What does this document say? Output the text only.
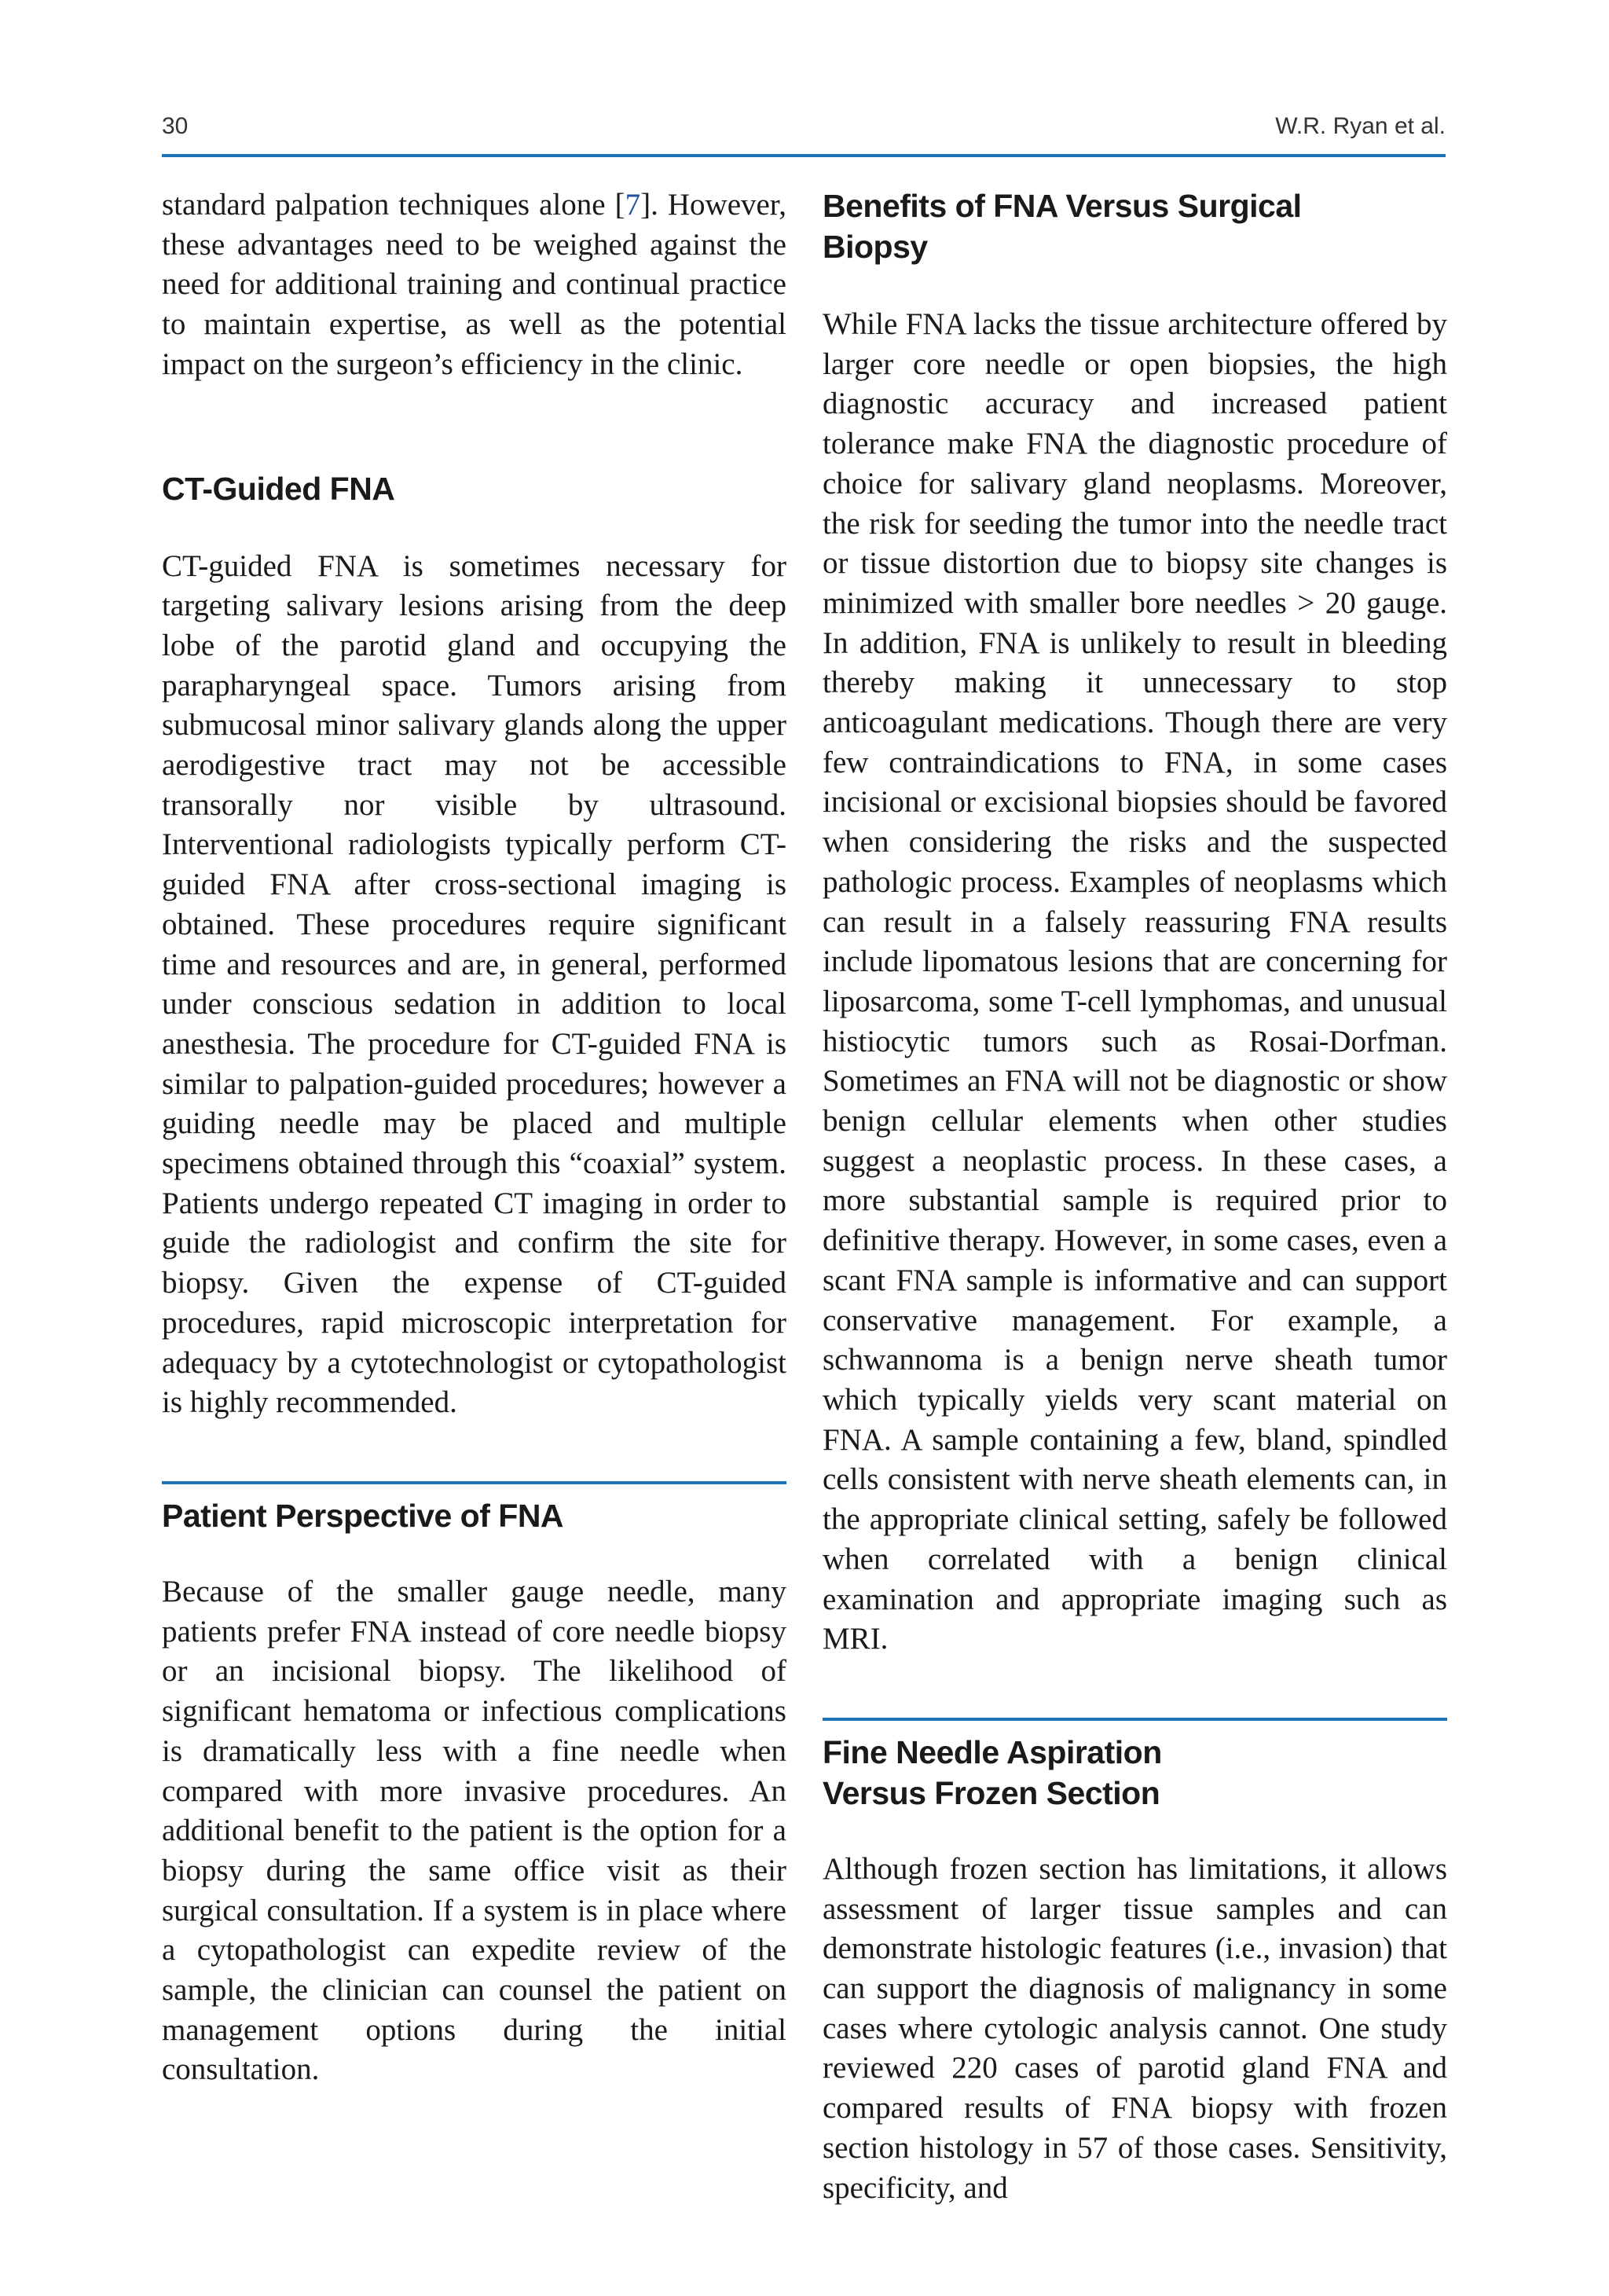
30	W.R. Ryan et al.

standard palpation techniques alone [7]. However, these advantages need to be weighed against the need for additional training and continual practice to maintain expertise, as well as the potential impact on the surgeon’s efficiency in the clinic.

CT-Guided FNA

CT-guided FNA is sometimes necessary for targeting salivary lesions arising from the deep lobe of the parotid gland and occupying the parapharyngeal space. Tumors arising from submucosal minor salivary glands along the upper aerodigestive tract may not be accessible transorally nor visible by ultrasound. Interventional radiologists typically perform CT-guided FNA after cross-sectional imaging is obtained. These procedures require significant time and resources and are, in general, performed under conscious sedation in addition to local anesthesia. The procedure for CT-guided FNA is similar to palpation-guided procedures; however a guiding needle may be placed and multiple specimens obtained through this “coaxial” system. Patients undergo repeated CT imaging in order to guide the radiologist and confirm the site for biopsy. Given the expense of CT-guided procedures, rapid microscopic interpretation for adequacy by a cytotechnologist or cytopathologist is highly recommended.

Patient Perspective of FNA

Because of the smaller gauge needle, many patients prefer FNA instead of core needle biopsy or an incisional biopsy. The likelihood of significant hematoma or infectious complications is dramatically less with a fine needle when compared with more invasive procedures. An additional benefit to the patient is the option for a biopsy during the same office visit as their surgical consultation. If a system is in place where a cytopathologist can expedite review of the sample, the clinician can counsel the patient on management options during the initial consultation.

Benefits of FNA Versus Surgical
Biopsy

While FNA lacks the tissue architecture offered by larger core needle or open biopsies, the high diagnostic accuracy and increased patient tolerance make FNA the diagnostic procedure of choice for salivary gland neoplasms. Moreover, the risk for seeding the tumor into the needle tract or tissue distortion due to biopsy site changes is minimized with smaller bore needles > 20 gauge. In addition, FNA is unlikely to result in bleeding thereby making it unnecessary to stop anticoagulant medications. Though there are very few contraindications to FNA, in some cases incisional or excisional biopsies should be favored when considering the risks and the suspected pathologic process. Examples of neoplasms which can result in a falsely reassuring FNA results include lipomatous lesions that are concerning for liposarcoma, some T-cell lymphomas, and unusual histiocytic tumors such as Rosai-Dorfman. Sometimes an FNA will not be diagnostic or show benign cellular elements when other studies suggest a neoplastic process. In these cases, a more substantial sample is required prior to definitive therapy. However, in some cases, even a scant FNA sample is informative and can support conservative management. For example, a schwannoma is a benign nerve sheath tumor which typically yields very scant material on FNA. A sample containing a few, bland, spindled cells consistent with nerve sheath elements can, in the appropriate clinical setting, safely be followed when correlated with a benign clinical examination and appropriate imaging such as MRI.

Fine Needle Aspiration
Versus Frozen Section

Although frozen section has limitations, it allows assessment of larger tissue samples and can demonstrate histologic features (i.e., invasion) that can support the diagnosis of malignancy in some cases where cytologic analysis cannot. One study reviewed 220 cases of parotid gland FNA and compared results of FNA biopsy with frozen section histology in 57 of those cases. Sensitivity, specificity, and
